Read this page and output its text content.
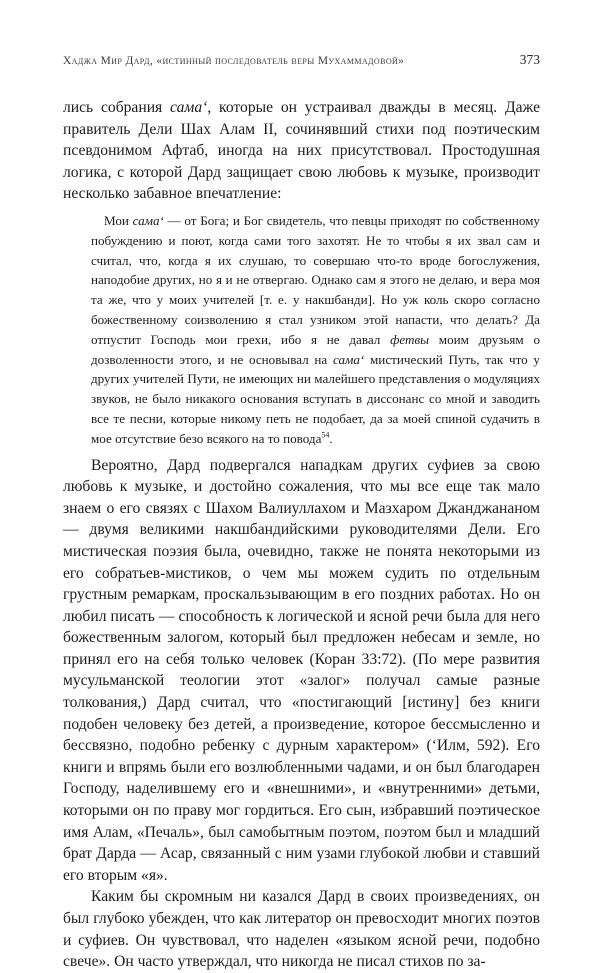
Хаджа Мир Дард, «истинный последователь веры Мухаммадовой»	373

лись собрания сама‘, которые он устраивал дважды в месяц. Даже правитель Дели Шах Алам II, сочинявший стихи под поэтическим псевдонимом Афтаб, иногда на них присутствовал. Простодушная логика, с которой Дард защищает свою любовь к музыке, производит несколько забавное впечатление:

Мои сама‘ — от Бога; и Бог свидетель, что певцы приходят по собственному побуждению и поют, когда сами того захотят. Не то чтобы я их звал сам и считал, что, когда я их слушаю, то совершаю что-то вроде богослужения, наподобие других, но я и не отвергаю. Однако сам я этого не делаю, и вера моя та же, что у моих учителей [т. е. у накшбанди]. Но уж коль скоро согласно божественному соизволению я стал узником этой напасти, что делать? Да отпустит Господь мои грехи, ибо я не давал фетвы моим друзьям о дозволенности этого, и не основывал на сама‘ мистический Путь, так что у других учителей Пути, не имеющих ни малейшего представления о модуляциях звуков, не было никакого основания вступать в диссонанс со мной и заводить все те песни, которые никому петь не подобает, да за моей спиной судачить в мое отсутствие безо всякого на то повода$^{54}$.

Вероятно, Дард подвергался нападкам других суфиев за свою любовь к музыке, и достойно сожаления, что мы все еще так мало знаем о его связях с Шахом Валиуллахом и Мазхаром Джанджананом — двумя великими накшбандийскими руководителями Дели. Его мистическая поэзия была, очевидно, также не понята некоторыми из его собратьев-мистиков, о чем мы можем судить по отдельным грустным ремаркам, проскальзывающим в его поздних работах. Но он любил писать — способность к логической и ясной речи была для него божественным залогом, который был предложен небесам и земле, но принял его на себя только человек (Коран 33:72). (По мере развития мусульманской теологии этот «залог» получал самые разные толкования,) Дард считал, что «постигающий [истину] без книги подобен человеку без детей, а произведение, которое бессмысленно и бессвязно, подобно ребенку с дурным характером» (‘Илм, 592). Его книги и впрямь были его возлюбленными чадами, и он был благодарен Господу, наделившему его и «внешними», и «внутренними» детьми, которыми он по праву мог гордиться. Его сын, избравший поэтическое имя Алам, «Печаль», был самобытным поэтом, поэтом был и младший брат Дарда — Асар, связанный с ним узами глубокой любви и ставший его вторым «я».

Каким бы скромным ни казался Дард в своих произведениях, он был глубоко убежден, что как литератор он превосходит многих поэтов и суфиев. Он чувствовал, что наделен «языком ясной речи, подобно свече». Он часто утверждал, что никогда не писал стихов по за-
